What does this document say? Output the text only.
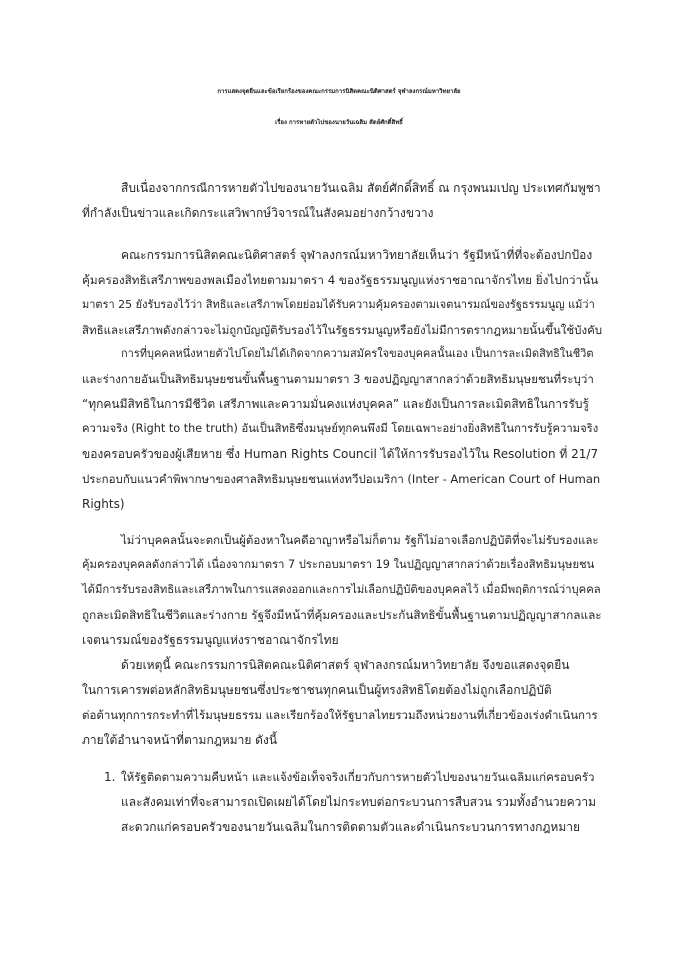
การแสดงจุดยืนและข้อเรียกร้องของคณะกรรมการนิสิตคณะนิติศาสตร์ จุฬาลงกรณ์มหาวิทยาลัย
เรื่อง การหายตัวไปของนายวันเฉลิม สัตย์ศักดิ์สิทธิ์
สืบเนื่องจากกรณีการหายตัวไปของนายวันเฉลิม สัตย์ศักดิ์สิทธิ์ ณ กรุงพนมเปญ ประเทศกัมพูชา
ที่กำลังเป็นข่าวและเกิดกระแสวิพากษ์วิจารณ์ในสังคมอย่างกว้างขวาง
คณะกรรมการนิสิตคณะนิติศาสตร์ จุฬาลงกรณ์มหาวิทยาลัยเห็นว่า รัฐมีหน้าที่ที่จะต้องปกป้อง
คุ้มครองสิทธิเสรีภาพของพลเมืองไทยตามมาตรา 4 ของรัฐธรรมนูญแห่งราชอาณาจักรไทย ยิ่งไปกว่านั้น
มาตรา 25 ยังรับรองไว้ว่า สิทธิและเสรีภาพโดยย่อมได้รับความคุ้มครองตามเจตนารมณ์ของรัฐธรรมนูญ แม้ว่า
สิทธิและเสรีภาพดังกล่าวจะไม่ถูกบัญญัติรับรองไว้ในรัฐธรรมนูญหรือยังไม่มีการตรากฎหมายนั้นขึ้นใช้บังคับ
การที่บุคคลหนึ่งหายตัวไปโดยไม่ได้เกิดจากความสมัครใจของบุคคลนั้นเอง เป็นการละเมิดสิทธิในชีวิต
และร่างกายอันเป็นสิทธิมนุษยชนขั้นพื้นฐานตามมาตรา 3 ของปฏิญญาสากลว่าด้วยสิทธิมนุษยชนที่ระบุว่า
“ทุกคนมีสิทธิในการมีชีวิต เสรีภาพและความมั่นคงแห่งบุคคล” และยังเป็นการละเมิดสิทธิในการรับรู้
ความจริง (Right to the truth) อันเป็นสิทธิซึ่งมนุษย์ทุกคนพึงมี โดยเฉพาะอย่างยิ่งสิทธิในการรับรู้ความจริง
ของครอบครัวของผู้เสียหาย ซึ่ง Human Rights Council ได้ให้การรับรองไว้ใน Resolution ที่ 21/7
ประกอบกับแนวคำพิพากษาของศาลสิทธิมนุษยชนแห่งทวีปอเมริกา (Inter - American Court of Human
Rights)
ไม่ว่าบุคคลนั้นจะตกเป็นผู้ต้องหาในคดีอาญาหรือไม่ก็ตาม รัฐก็ไม่อาจเลือกปฏิบัติที่จะไม่รับรองและ
คุ้มครองบุคคลดังกล่าวได้ เนื่องจากมาตรา 7 ประกอบมาตรา 19 ในปฏิญญาสากลว่าด้วยเรื่องสิทธิมนุษยชน
ได้มีการรับรองสิทธิและเสรีภาพในการแสดงออกและการไม่เลือกปฏิบัติของบุคคลไว้ เมื่อมีพฤติการณ์ว่าบุคคล
ถูกละเมิดสิทธิในชีวิตและร่างกาย รัฐจึงมีหน้าที่คุ้มครองและประกันสิทธิขั้นพื้นฐานตามปฏิญญาสากลและ
เจตนารมณ์ของรัฐธรรมนูญแห่งราชอาณาจักรไทย
ด้วยเหตุนี้ คณะกรรมการนิสิตคณะนิติศาสตร์ จุฬาลงกรณ์มหาวิทยาลัย จึงขอแสดงจุดยืน
ในการเคารพต่อหลักสิทธิมนุษยชนซึ่งประชาชนทุกคนเป็นผู้ทรงสิทธิโดยต้องไม่ถูกเลือกปฏิบัติ
ต่อต้านทุกการกระทำที่ไร้มนุษยธรรม และเรียกร้องให้รัฐบาลไทยรวมถึงหน่วยงานที่เกี่ยวข้องเร่งดำเนินการ
ภายใต้อำนาจหน้าที่ตามกฎหมาย ดังนี้
1. ให้รัฐติดตามความคืบหน้า และแจ้งข้อเท็จจริงเกี่ยวกับการหายตัวไปของนายวันเฉลิมแก่ครอบครัว
และสังคมเท่าที่จะสามารถเปิดเผยได้โดยไม่กระทบต่อกระบวนการสืบสวน รวมทั้งอำนวยความ
สะดวกแก่ครอบครัวของนายวันเฉลิมในการติดตามตัวและดำเนินกระบวนการทางกฎหมาย
